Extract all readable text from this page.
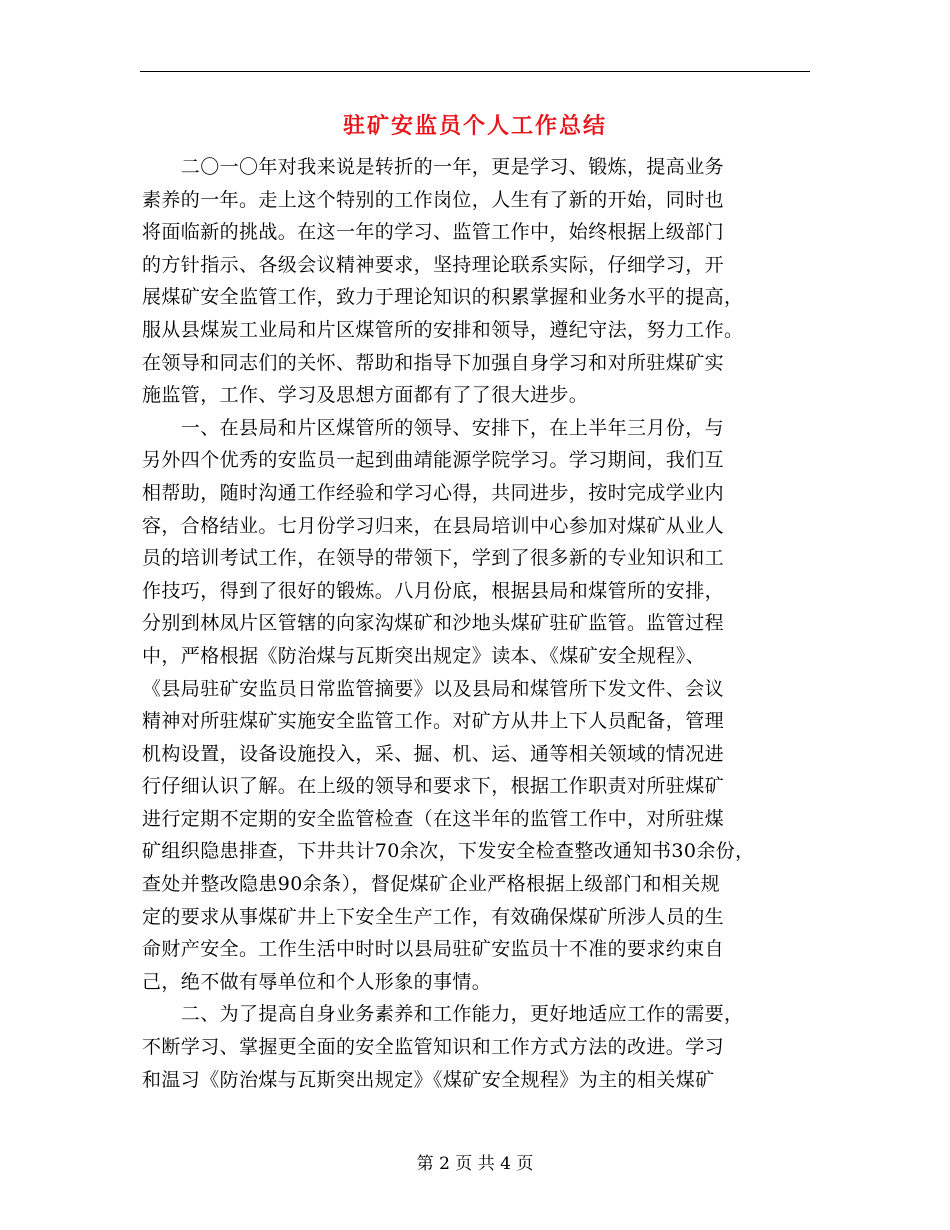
驻矿安监员个人工作总结
　　二〇一〇年对我来说是转折的一年，更是学习、锻炼，提高业务
素养的一年。走上这个特别的工作岗位，人生有了新的开始，同时也
将面临新的挑战。在这一年的学习、监管工作中，始终根据上级部门
的方针指示、各级会议精神要求，坚持理论联系实际，仔细学习，开
展煤矿安全监管工作，致力于理论知识的积累掌握和业务水平的提高，
服从县煤炭工业局和片区煤管所的安排和领导，遵纪守法，努力工作。
在领导和同志们的关怀、帮助和指导下加强自身学习和对所驻煤矿实
施监管，工作、学习及思想方面都有了了很大进步。
　　一、在县局和片区煤管所的领导、安排下，在上半年三月份，与
另外四个优秀的安监员一起到曲靖能源学院学习。学习期间，我们互
相帮助，随时沟通工作经验和学习心得，共同进步，按时完成学业内
容，合格结业。七月份学习归来，在县局培训中心参加对煤矿从业人
员的培训考试工作，在领导的带领下，学到了很多新的专业知识和工
作技巧，得到了很好的锻炼。八月份底，根据县局和煤管所的安排，
分别到林凤片区管辖的向家沟煤矿和沙地头煤矿驻矿监管。监管过程
中，严格根据《防治煤与瓦斯突出规定》读本、《煤矿安全规程》、
《县局驻矿安监员日常监管摘要》以及县局和煤管所下发文件、会议
精神对所驻煤矿实施安全监管工作。对矿方从井上下人员配备，管理
机构设置，设备设施投入，采、掘、机、运、通等相关领域的情况进
行仔细认识了解。在上级的领导和要求下，根据工作职责对所驻煤矿
进行定期不定期的安全监管检查（在这半年的监管工作中，对所驻煤
矿组织隐患排查，下井共计70余次，下发安全检查整改通知书30余份，
查处并整改隐患90余条），督促煤矿企业严格根据上级部门和相关规
定的要求从事煤矿井上下安全生产工作，有效确保煤矿所涉人员的生
命财产安全。工作生活中时时以县局驻矿安监员十不准的要求约束自
己，绝不做有辱单位和个人形象的事情。
　　二、为了提高自身业务素养和工作能力，更好地适应工作的需要，
不断学习、掌握更全面的安全监管知识和工作方式方法的改进。学习
和温习《防治煤与瓦斯突出规定》《煤矿安全规程》为主的相关煤矿
第 2 页 共 4 页
